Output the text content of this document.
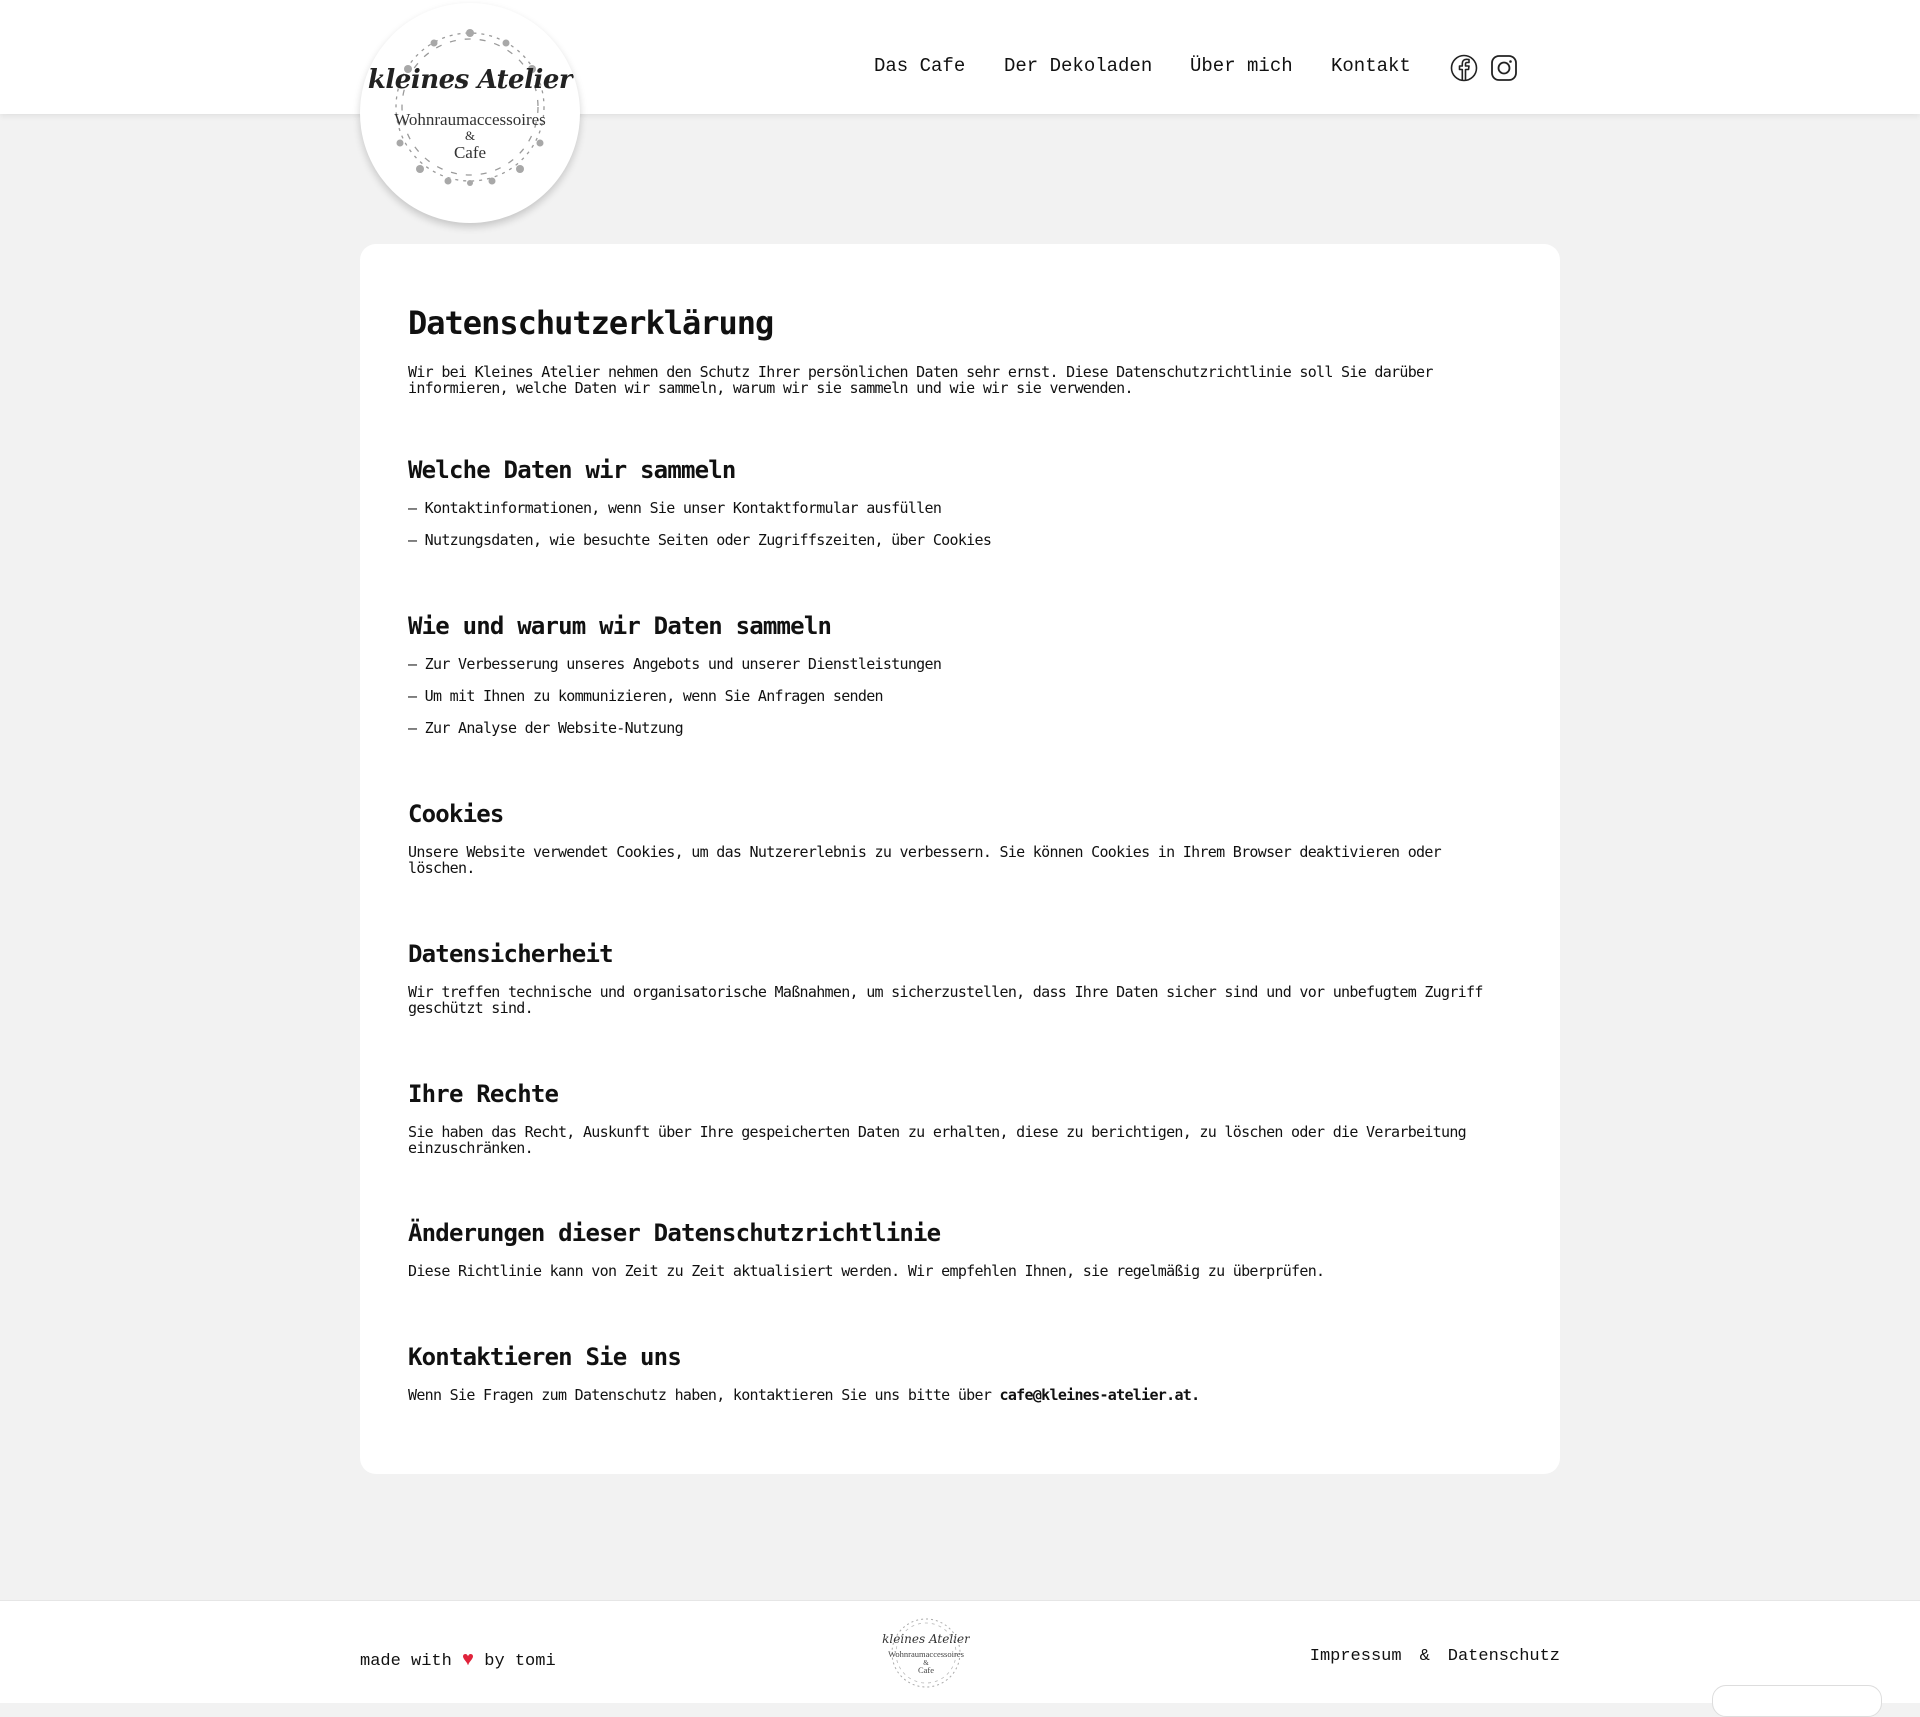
Das Cafe Der Dekoladen Über mich Kontakt
kleines Atelier
Wohnraumaccessoires
&
Cafe
Datenschutzerklärung

Wir bei Kleines Atelier nehmen den Schutz Ihrer persönlichen Daten sehr ernst. Diese Datenschutzrichtlinie soll Sie darüber informieren, welche Daten wir sammeln, warum wir sie sammeln und wie wir sie verwenden.

Welche Daten wir sammeln
– Kontaktinformationen, wenn Sie unser Kontaktformular ausfüllen
– Nutzungsdaten, wie besuchte Seiten oder Zugriffszeiten, über Cookies
Wie und warum wir Daten sammeln
– Zur Verbesserung unseres Angebots und unserer Dienstleistungen
– Um mit Ihnen zu kommunizieren, wenn Sie Anfragen senden
– Zur Analyse der Website-Nutzung
Cookies

Unsere Website verwendet Cookies, um das Nutzererlebnis zu verbessern. Sie können Cookies in Ihrem Browser deaktivieren oder löschen.

Datensicherheit

Wir treffen technische und organisatorische Maßnahmen, um sicherzustellen, dass Ihre Daten sicher sind und vor unbefugtem Zugriff geschützt sind.

Ihre Rechte

Sie haben das Recht, Auskunft über Ihre gespeicherten Daten zu erhalten, diese zu berichtigen, zu löschen oder die Verarbeitung einzuschränken.

Änderungen dieser Datenschutzrichtlinie

Diese Richtlinie kann von Zeit zu Zeit aktualisiert werden. Wir empfehlen Ihnen, sie regelmäßig zu überprüfen.

Kontaktieren Sie uns

Wenn Sie Fragen zum Datenschutz haben, kontaktieren Sie uns bitte über cafe@kleines-atelier.at.

made with ♥ by tomi
kleines Atelier
Wohnraumaccessoires
&
Cafe
Impressum & Datenschutz
